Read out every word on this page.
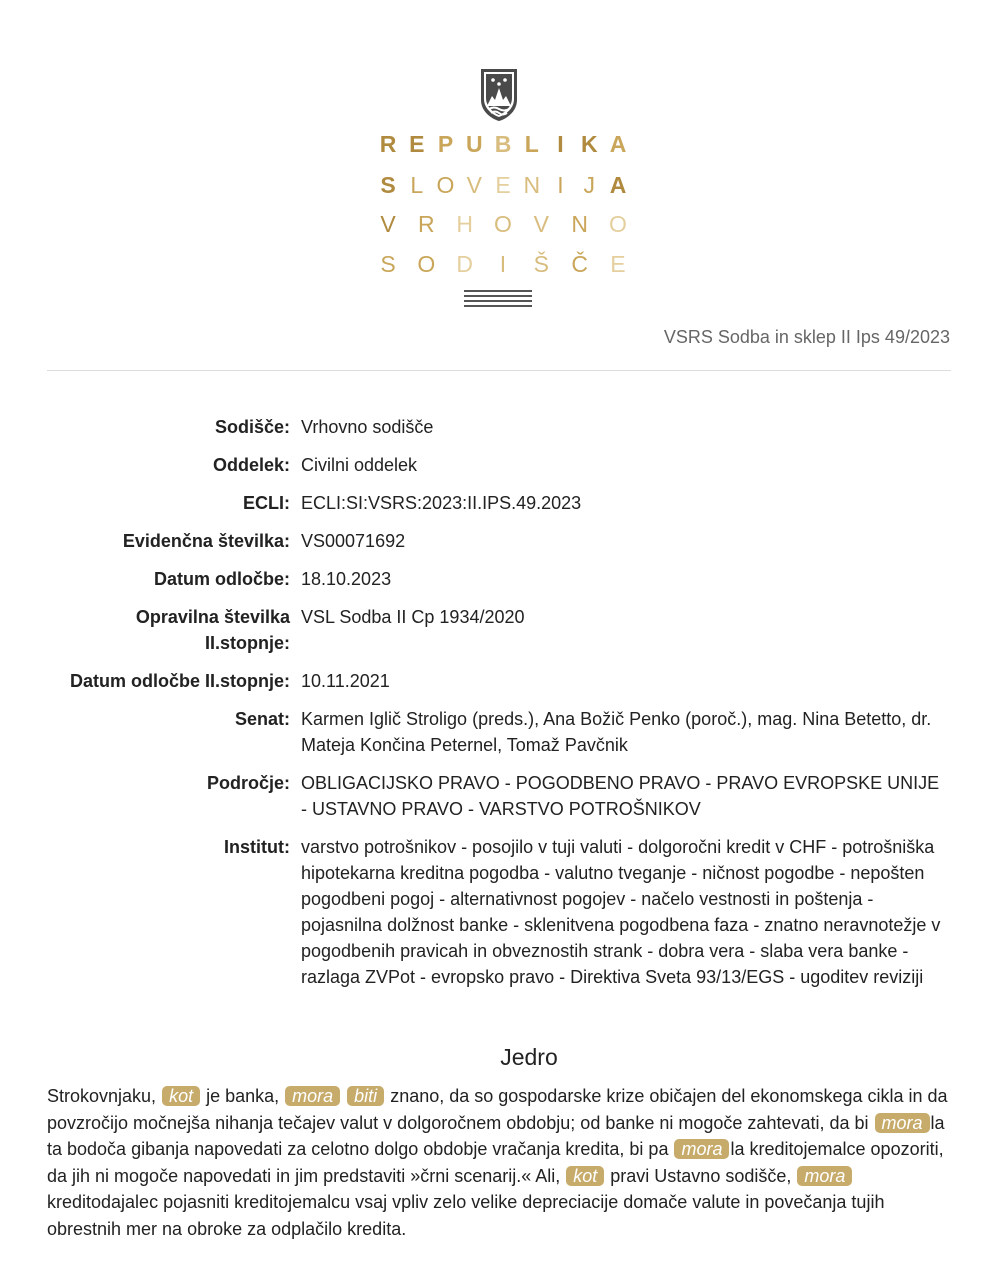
R E P U B L I K A
S L O V E N I J A
V R H O V N O
S O D I Š Č E
VSRS Sodba in sklep II Ips 49/2023
Sodišče: Vrhovno sodišče
Oddelek: Civilni oddelek
ECLI: ECLI:SI:VSRS:2023:II.IPS.49.2023
Evidenčna številka: VS00071692
Datum odločbe: 18.10.2023
Opravilna številka
II.stopnje:
VSL Sodba II Cp 1934/2020
Datum odločbe II.stopnje: 10.11.2021
Senat: Karmen Iglič Stroligo (preds.), Ana Božič Penko (poroč.), mag. Nina Betetto, dr. Mateja Končina Peternel, Tomaž Pavčnik
Področje: OBLIGACIJSKO PRAVO - POGODBENO PRAVO - PRAVO EVROPSKE UNIJE - USTAVNO PRAVO - VARSTVO POTROŠNIKOV
Institut: varstvo potrošnikov - posojilo v tuji valuti - dolgoročni kredit v CHF - potrošniška hipotekarna kreditna pogodba - valutno tveganje - ničnost pogodbe - nepošten pogodbeni pogoj - alternativnost pogojev - načelo vestnosti in poštenja - pojasnilna dolžnost banke - sklenitvena pogodbena faza - znatno neravnotežje v pogodbenih pravicah in obveznostih strank - dobra vera - slaba vera banke - razlaga ZVPot - evropsko pravo - Direktiva Sveta 93/13/EGS - ugoditev reviziji
Jedro
Strokovnjaku, kot je banka, mora biti znano, da so gospodarske krize običajen del ekonomskega cikla in da povzročijo močnejša nihanja tečajev valut v dolgoročnem obdobju; od banke ni mogoče zahtevati, da bi mora la ta bodoča gibanja napovedati za celotno dolgo obdobje vračanja kredita, bi pa mora la kreditojemalce opozoriti, da jih ni mogoče napovedati in jim predstaviti »črni scenarij.« Ali, kot pravi Ustavno sodišče, mora kreditodajalec pojasniti kreditojemalcu vsaj vpliv zelo velike depreciacije domače valute in povečanja tujih obrestnih mer na obroke za odplačilo kredita.
